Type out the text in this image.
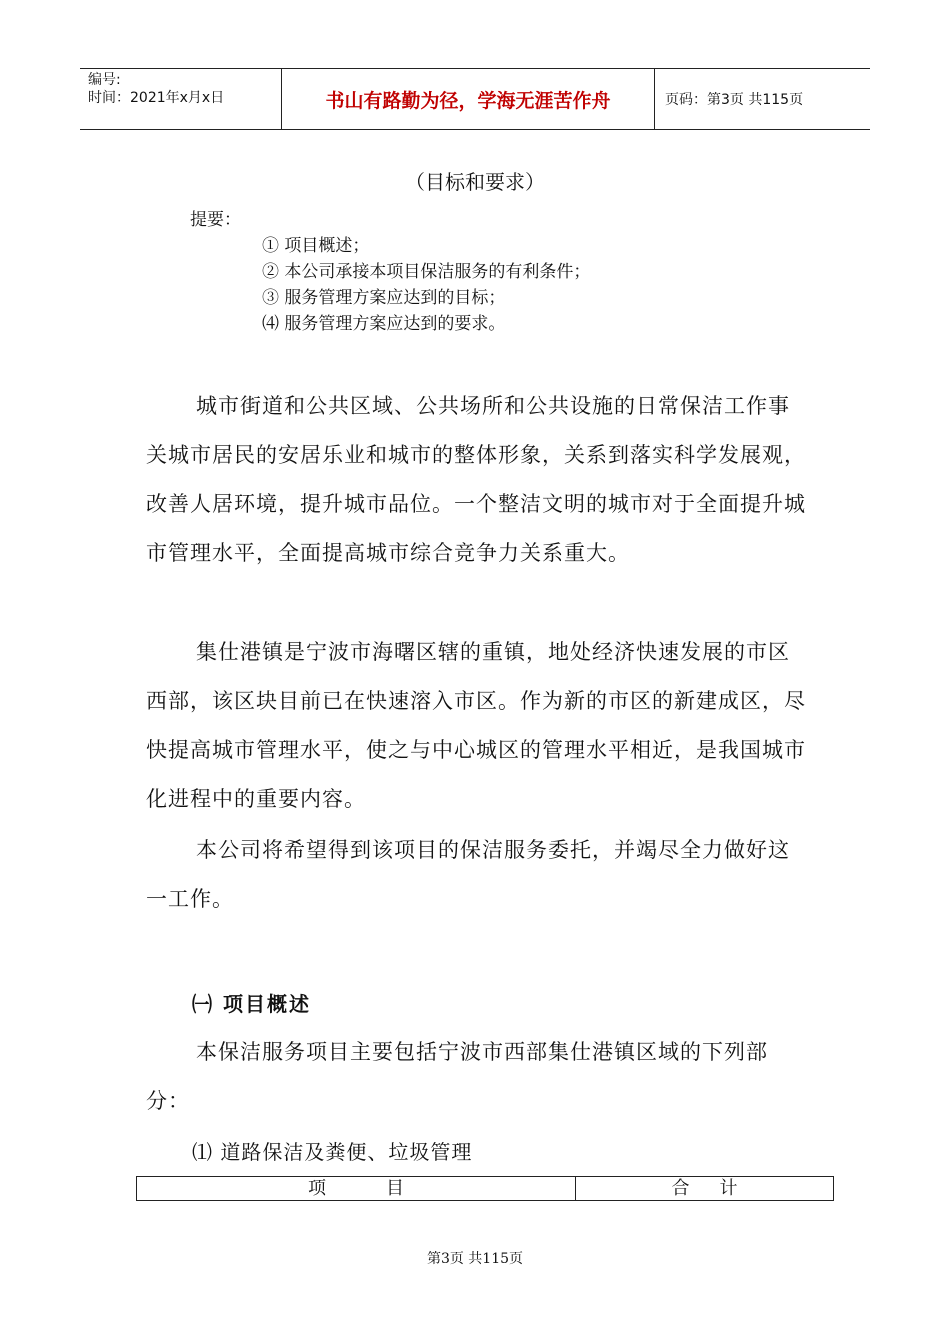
编号:
时间：2021年x月x日	书山有路勤为径，学海无涯苦作舟	页码：第3页 共115页
（目标和要求）
提要：
① 项目概述；
② 本公司承接本项目保洁服务的有利条件；
③ 服务管理方案应达到的目标；
⑷ 服务管理方案应达到的要求。

城市街道和公共区域、公共场所和公共设施的日常保洁工作事关城市居民的安居乐业和城市的整体形象，关系到落实科学发展观，改善人居环境，提升城市品位。一个整洁文明的城市对于全面提升城市管理水平，全面提高城市综合竞争力关系重大。

集仕港镇是宁波市海曙区辖的重镇，地处经济快速发展的市区西部，该区块目前已在快速溶入市区。作为新的市区的新建成区，尽快提高城市管理水平，使之与中心城区的管理水平相近，是我国城市化进程中的重要内容。

本公司将希望得到该项目的保洁服务委托，并竭尽全力做好这一工作。

㈠ 项目概述

本保洁服务项目主要包括宁波市西部集仕港镇区域的下列部分：

⑴ 道路保洁及粪便、垃圾管理
项目	合计
第3页 共115页
